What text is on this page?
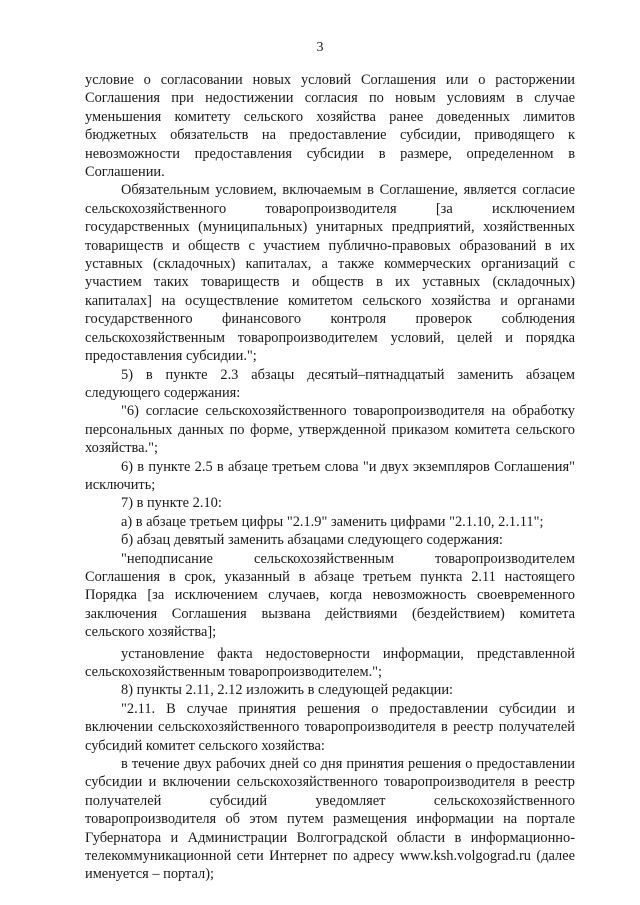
3

условие о согласовании новых условий Соглашения или о расторжении Соглашения при недостижении согласия по новым условиям в случае уменьшения комитету сельского хозяйства ранее доведенных лимитов бюджетных обязательств на предоставление субсидии, приводящего к невозможности предоставления субсидии в размере, определенном в Соглашении.

Обязательным условием, включаемым в Соглашение, является согласие сельскохозяйственного товаропроизводителя [за исключением государственных (муниципальных) унитарных предприятий, хозяйственных товариществ и обществ с участием публично-правовых образований в их уставных (складочных) капиталах, а также коммерческих организаций с участием таких товариществ и обществ в их уставных (складочных) капиталах] на осуществление комитетом сельского хозяйства и органами государственного финансового контроля проверок соблюдения сельскохозяйственным товаропроизводителем условий, целей и порядка предоставления субсидии.";

5) в пункте 2.3 абзацы десятый–пятнадцатый заменить абзацем следующего содержания:

"6) согласие сельскохозяйственного товаропроизводителя на обработку персональных данных по форме, утвержденной приказом комитета сельского хозяйства.";

6) в пункте 2.5 в абзаце третьем слова "и двух экземпляров Соглашения" исключить;

7) в пункте 2.10:

а) в абзаце третьем цифры "2.1.9" заменить цифрами "2.1.10, 2.1.11";

б) абзац девятый заменить абзацами следующего содержания:

"неподписание сельскохозяйственным товаропроизводителем Соглашения в срок, указанный в абзаце третьем пункта 2.11 настоящего Порядка [за исключением случаев, когда невозможность своевременного заключения Соглашения вызвана действиями (бездействием) комитета сельского хозяйства];

установление факта недостоверности информации, представленной сельскохозяйственным товаропроизводителем.";

8) пункты 2.11, 2.12 изложить в следующей редакции:

"2.11. В случае принятия решения о предоставлении субсидии и включении сельскохозяйственного товаропроизводителя в реестр получателей субсидий комитет сельского хозяйства:

в течение двух рабочих дней со дня принятия решения о предоставлении субсидии и включении сельскохозяйственного товаропроизводителя в реестр получателей субсидий уведомляет сельскохозяйственного товаропроизводителя об этом путем размещения информации на портале Губернатора и Администрации Волгоградской области в информационно-телекоммуникационной сети Интернет по адресу www.ksh.volgograd.ru (далее именуется – портал);
